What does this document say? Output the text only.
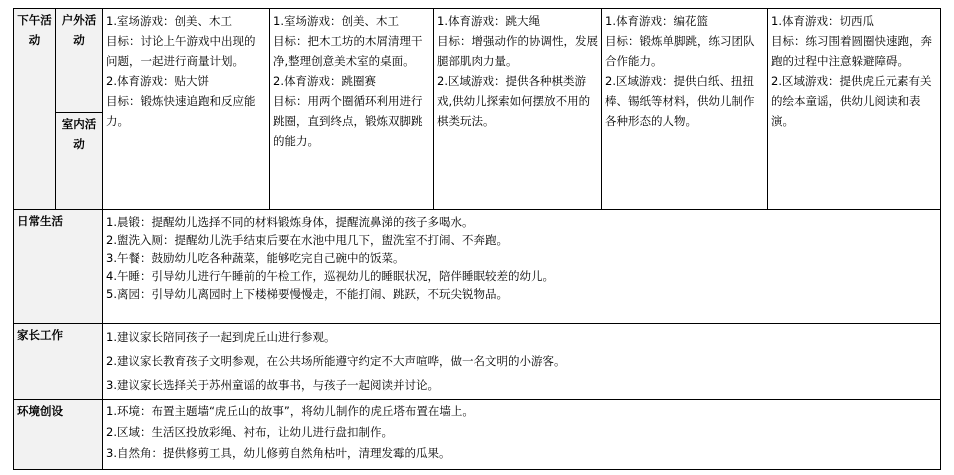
下午活动	户外活动	1.室场游戏：创美、木工
目标：讨论上午游戏中出现的问题，一起进行商量计划。
2.体育游戏：贴大饼
目标：锻炼快速追跑和反应能力。	1.室场游戏：创美、木工
目标：把木工坊的木屑清理干净,整理创意美术室的桌面。
2.体育游戏：跳圈赛
目标：用两个圈循环利用进行跳圈，直到终点，锻炼双脚跳的能力。	1.体育游戏：跳大绳
目标：增强动作的协调性，发展腿部肌肉力量。
2.区域游戏：提供各种棋类游戏,供幼儿探索如何摆放不用的棋类玩法。	1.体育游戏：编花篮
目标：锻炼单脚跳，练习团队合作能力。
2.区域游戏：提供白纸、扭扭棒、锡纸等材料，供幼儿制作各种形态的人物。	1.体育游戏：切西瓜
目标：练习围着圆圈快速跑，奔跑的过程中注意躲避障碍。
2.区域游戏：提供虎丘元素有关的绘本童谣，供幼儿阅读和表演。

	室内活动					
日常生活		1.晨锻：提醒幼儿选择不同的材料锻炼身体，提醒流鼻涕的孩子多喝水。
2.盥洗入厕：提醒幼儿洗手结束后要在水池中甩几下，盥洗室不打闹、不奔跑。
3.午餐：鼓励幼儿吃各种蔬菜，能够吃完自己碗中的饭菜。
4.午睡：引导幼儿进行午睡前的午检工作，巡视幼儿的睡眠状况，陪伴睡眠较差的幼儿。
5.离园：引导幼儿离园时上下楼梯要慢慢走，不能打闹、跳跃，不玩尖锐物品。				

家长工作		1.建议家长陪同孩子一起到虎丘山进行参观。
2.建议家长教育孩子文明参观，在公共场所能遵守约定不大声喧哗，做一名文明的小游客。
3.建议家长选择关于苏州童谣的故事书，与孩子一起阅读并讨论。				

环境创设		1.环境：布置主题墙“虎丘山的故事”，将幼儿制作的虎丘塔布置在墙上。
2.区域：生活区投放彩绳、衬布，让幼儿进行盘扣制作。
3.自然角：提供修剪工具，幼儿修剪自然角枯叶，清理发霉的瓜果。				
